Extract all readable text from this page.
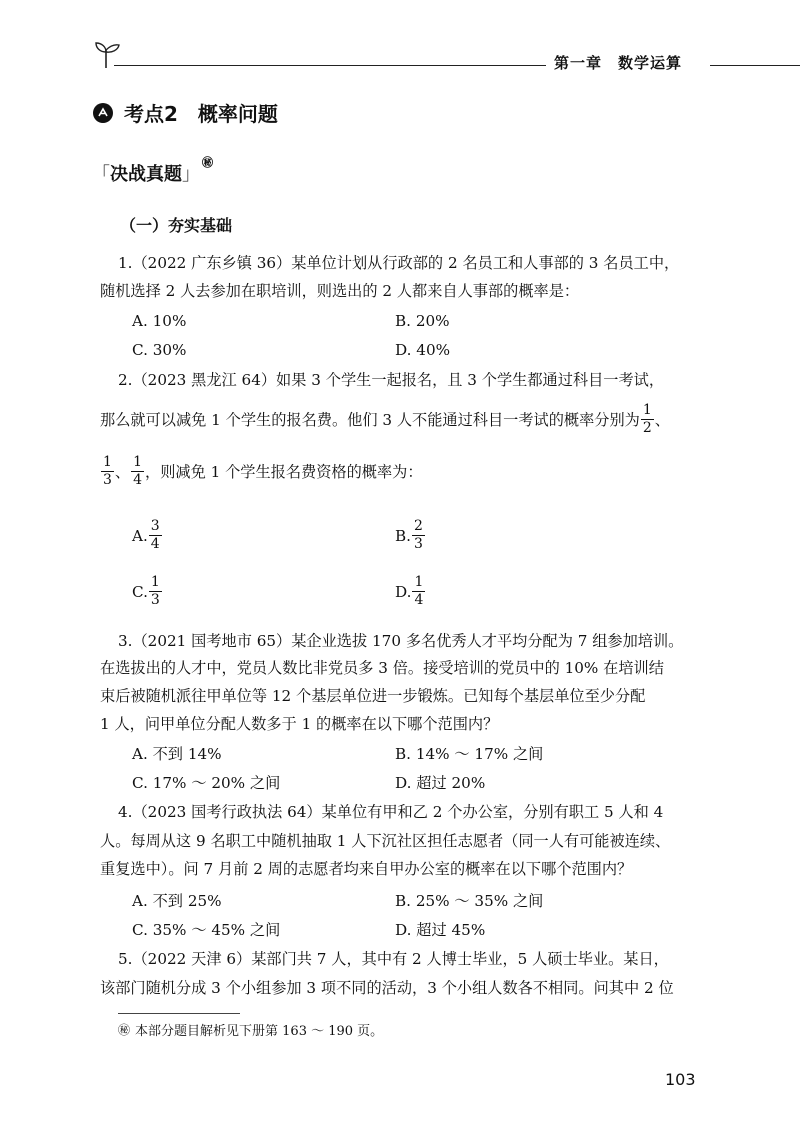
第一章　数学运算
考点2 概率问题
「 决战真题 」
㊙
（一）夯实基础
1.（2022 广东乡镇 36）某单位计划从行政部的 2 名员工和人事部的 3 名员工中，
随机选择 2 人去参加在职培训，则选出的 2 人都来自人事部的概率是：
A. 10%	B. 20%
C. 30%	D. 40%
2.（2023 黑龙江 64）如果 3 个学生一起报名，且 3 个学生都通过科目一考试，
那么就可以减免 1 个学生的报名费。他们 3 人不能通过科目一考试的概率分别为 $\frac{1}{2}$ 、
$\frac{1}{3}$ 、 $\frac{1}{4}$ ，则减免 1 个学生报名费资格的概率为：
A. $\frac{3}{4}$	B. $\frac{2}{3}$
C. $\frac{1}{3}$	D. $\frac{1}{4}$
3.（2021 国考地市 65）某企业选拔 170 多名优秀人才平均分配为 7 组参加培训。
在选拔出的人才中，党员人数比非党员多 3 倍。接受培训的党员中的 10% 在培训结
束后被随机派往甲单位等 12 个基层单位进一步锻炼。已知每个基层单位至少分配
1 人，问甲单位分配人数多于 1 的概率在以下哪个范围内？
A. 不到 14%	B. 14% ～ 17% 之间
C. 17% ～ 20% 之间	D. 超过 20%
4.（2023 国考行政执法 64）某单位有甲和乙 2 个办公室，分别有职工 5 人和 4
人。每周从这 9 名职工中随机抽取 1 人下沉社区担任志愿者（同一人有可能被连续、
重复选中）。问 7 月前 2 周的志愿者均来自甲办公室的概率在以下哪个范围内？
A. 不到 25%	B. 25% ～ 35% 之间
C. 35% ～ 45% 之间	D. 超过 45%
5.（2022 天津 6）某部门共 7 人，其中有 2 人博士毕业，5 人硕士毕业。某日，
该部门随机分成 3 个小组参加 3 项不同的活动，3 个小组人数各不相同。问其中 2 位
㊙ 本部分题目解析见下册第 163 ～ 190 页。
103
